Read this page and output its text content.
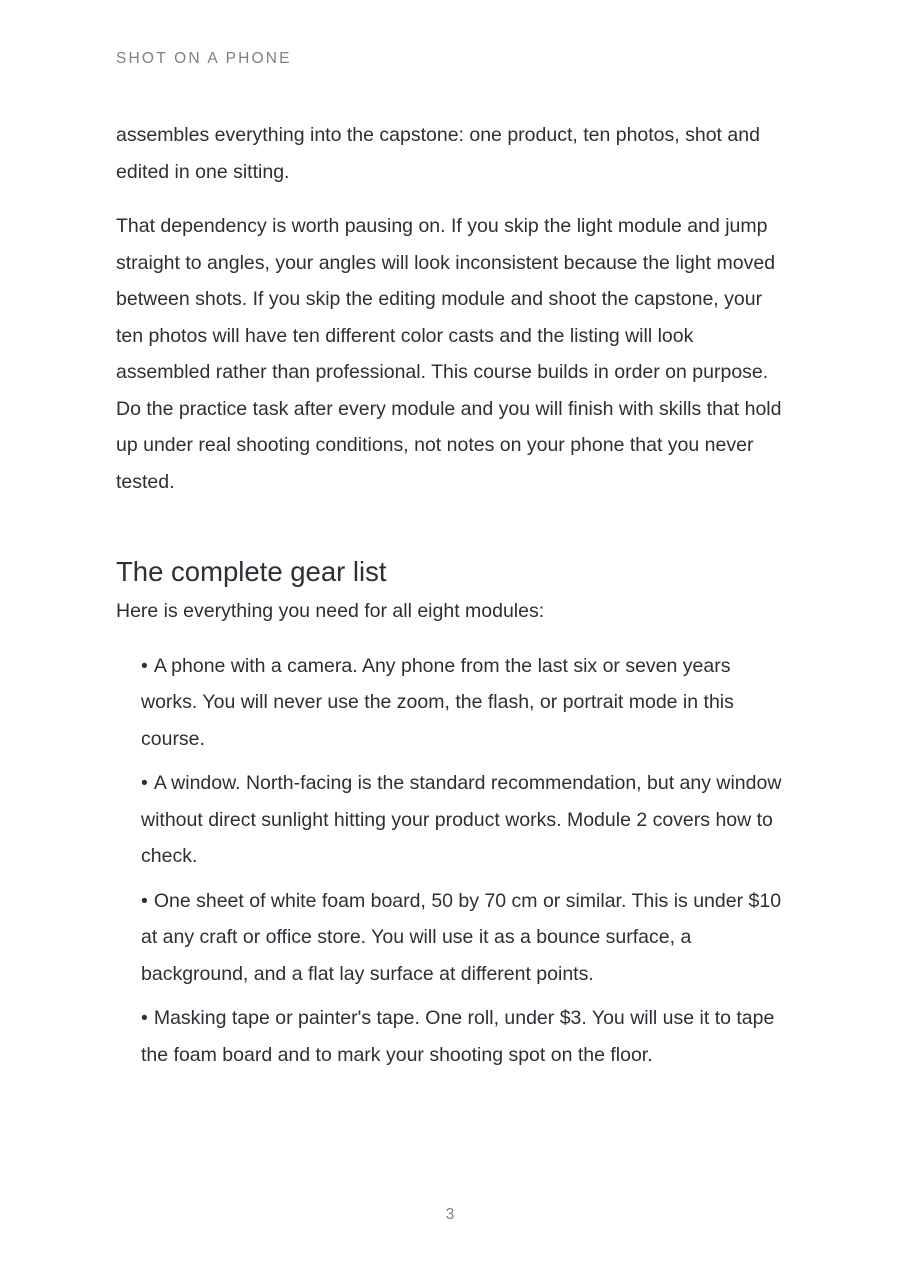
SHOT ON A PHONE

assembles everything into the capstone: one product, ten photos, shot and edited in one sitting.

That dependency is worth pausing on. If you skip the light module and jump straight to angles, your angles will look inconsistent because the light moved between shots. If you skip the editing module and shoot the capstone, your ten photos will have ten different color casts and the listing will look assembled rather than professional. This course builds in order on purpose. Do the practice task after every module and you will finish with skills that hold up under real shooting conditions, not notes on your phone that you never tested.

The complete gear list

Here is everything you need for all eight modules:

• A phone with a camera. Any phone from the last six or seven years works. You will never use the zoom, the flash, or portrait mode in this course.
• A window. North-facing is the standard recommendation, but any window without direct sunlight hitting your product works. Module 2 covers how to check.
• One sheet of white foam board, 50 by 70 cm or similar. This is under $10 at any craft or office store. You will use it as a bounce surface, a background, and a flat lay surface at different points.
• Masking tape or painter's tape. One roll, under $3. You will use it to tape the foam board and to mark your shooting spot on the floor.
3
